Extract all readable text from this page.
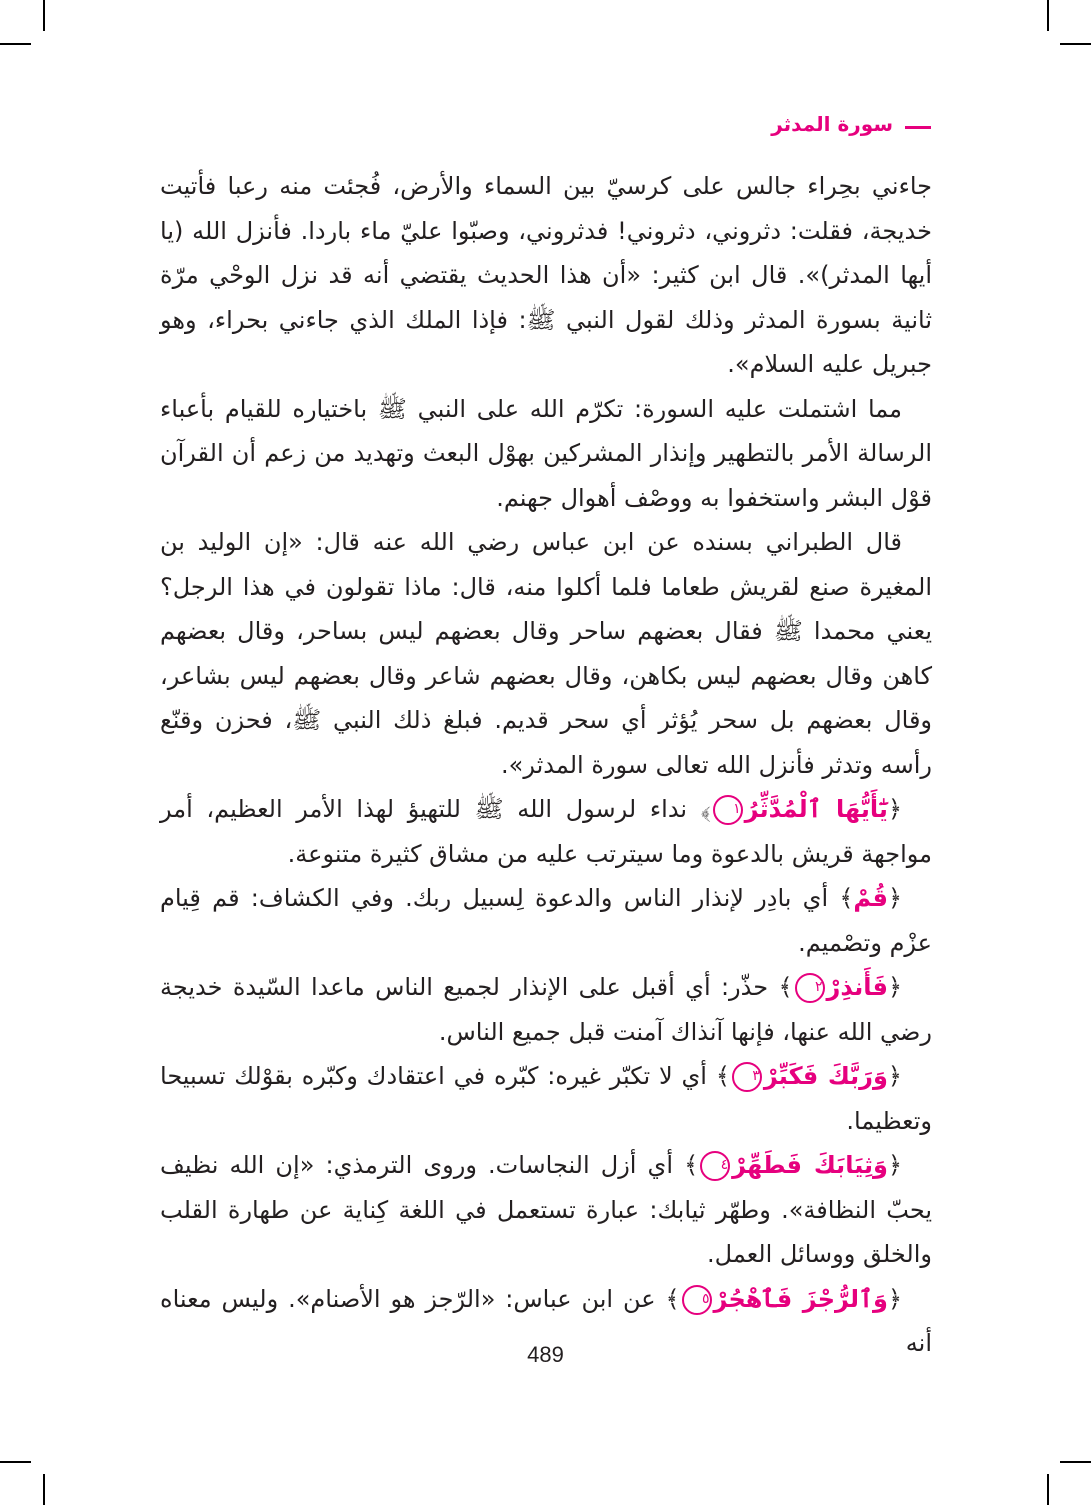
سورة المدثر

جاءني بحِراء جالس على كرسيّ بين السماء والأرض، فُجئت منه رعبا فأتيت خديجة، فقلت: دثروني، دثروني! فدثروني، وصبّوا عليّ ماء باردا. فأنزل الله (يا أيها المدثر)». قال ابن كثير: «أن هذا الحديث يقتضي أنه قد نزل الوحْي مرّة ثانية بسورة المدثر وذلك لقول النبي ﷺ: فإذا الملك الذي جاءني بحراء، وهو جبريل عليه السلام».

مما اشتملت عليه السورة: تكرّم الله على النبي ﷺ باختياره للقيام بأعباء الرسالة الأمر بالتطهير وإنذار المشركين بهوْل البعث وتهديد من زعم أن القرآن قوْل البشر واستخفوا به ووصْف أهوال جهنم.

قال الطبراني بسنده عن ابن عباس رضي الله عنه قال: «إن الوليد بن المغيرة صنع لقريش طعاما فلما أكلوا منه، قال: ماذا تقولون في هذا الرجل؟ يعني محمدا ﷺ فقال بعضهم ساحر وقال بعضهم ليس بساحر، وقال بعضهم كاهن وقال بعضهم ليس بكاهن، وقال بعضهم شاعر وقال بعضهم ليس بشاعر، وقال بعضهم بل سحر يُؤثر أي سحر قديم. فبلغ ذلك النبي ﷺ، فحزن وقنّع رأسه وتدثر فأنزل الله تعالى سورة المدثر».

﴿يَٰٓأَيُّهَا ٱلْمُدَّثِّرُ١﴾ نداء لرسول الله ﷺ للتهيؤ لهذا الأمر العظيم، أمر مواجهة قريش بالدعوة وما سيترتب عليه من مشاق كثيرة متنوعة.

﴿قُمْ﴾ أي بادِر لإنذار الناس والدعوة لِسبيل ربك. وفي الكشاف: قم قِيام عزْم وتصْميم.

﴿فَأَنذِرْ٢﴾ حذّر: أي أقبل على الإنذار لجميع الناس ماعدا السّيدة خديجة رضي الله عنها، فإنها آنذاك آمنت قبل جميع الناس.

﴿وَرَبَّكَ فَكَبِّرْ٣﴾ أي لا تكبّر غيره: كبّره في اعتقادك وكبّره بقوْلك تسبيحا وتعظيما.

﴿وَثِيَابَكَ فَطَهِّرْ٤﴾ أي أزل النجاسات. وروى الترمذي: «إن الله نظيف يحبّ النظافة». وطهّر ثيابك: عبارة تستعمل في اللغة كِناية عن طهارة القلب والخلق ووسائل العمل.

﴿وَٱلرُّجْزَ فَٱهْجُرْ٥﴾ عن ابن عباس: «الرّجز هو الأصنام». وليس معناه أنه

489
